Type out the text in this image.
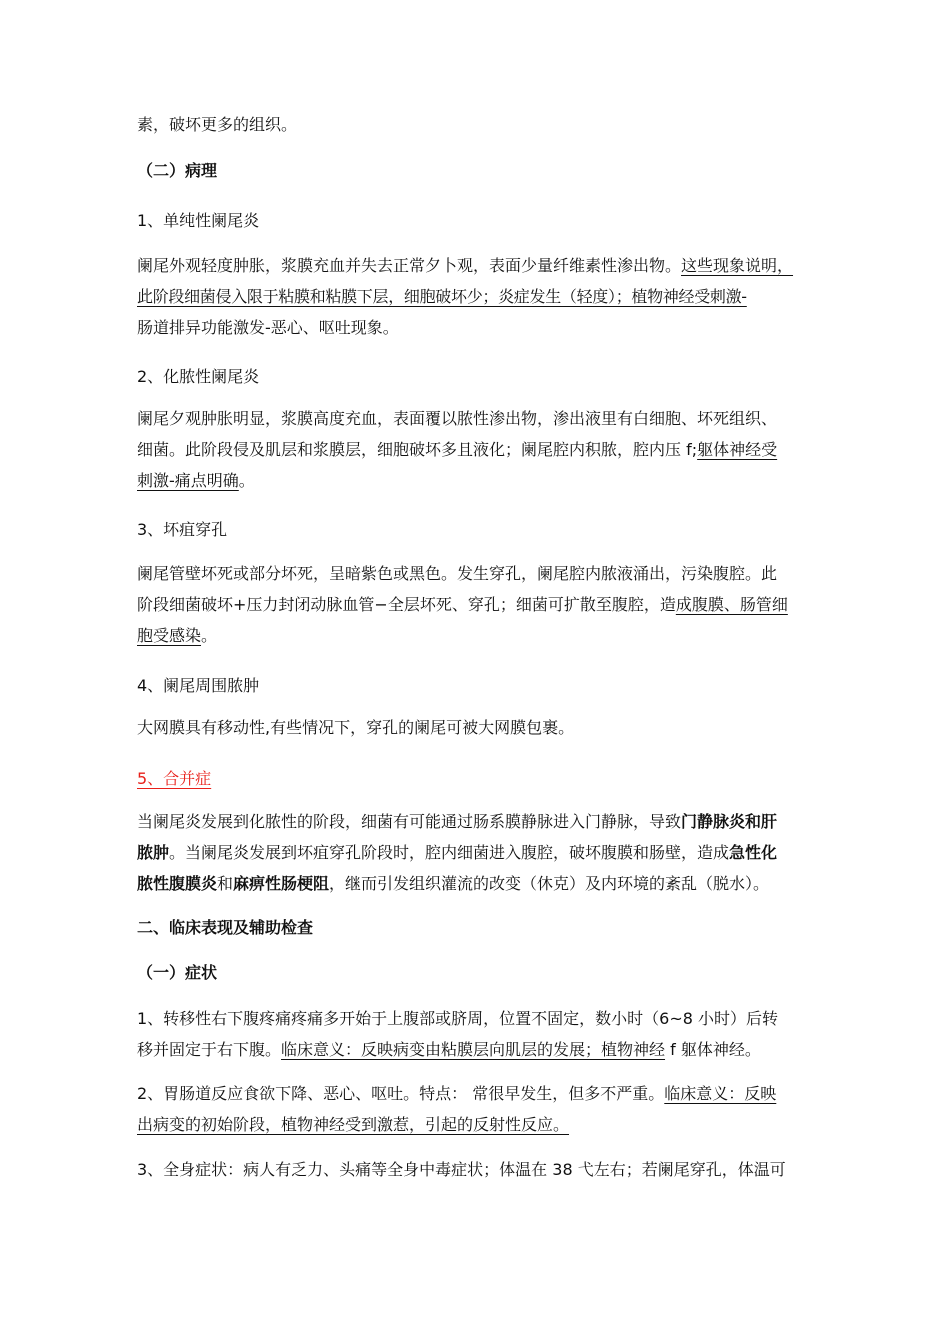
素，破坏更多的组织。

（二）病理

1、单纯性阑尾炎

阑尾外观轻度肿胀，浆膜充血并失去正常夕卜观，表面少量纤维素性渗出物。这些现象说明，
此阶段细菌侵入限于粘膜和粘膜下层，细胞破坏少；炎症发生（轻度）；植物神经受刺激-
肠道排异功能激发-恶心、呕吐现象。

2、化脓性阑尾炎

阑尾夕观肿胀明显，浆膜高度充血，表面覆以脓性渗出物，渗出液里有白细胞、坏死组织、
细菌。此阶段侵及肌层和浆膜层，细胞破坏多且液化；阑尾腔内积脓，腔内压 f;躯体神经受
刺激-痛点明确。

3、坏疽穿孔

阑尾管壁坏死或部分坏死，呈暗紫色或黑色。发生穿孔，阑尾腔内脓液涌出，污染腹腔。此
阶段细菌破坏+压力封闭动脉血管−全层坏死、穿孔；细菌可扩散至腹腔，造成腹膜、肠管细
胞受感染。

4、阑尾周围脓肿

大网膜具有移动性,有些情况下，穿孔的阑尾可被大网膜包裹。

5、合并症

当阑尾炎发展到化脓性的阶段，细菌有可能通过肠系膜静脉进入门静脉，导致门静脉炎和肝
脓肿。当阑尾炎发展到坏疽穿孔阶段时，腔内细菌进入腹腔，破坏腹膜和肠壁，造成急性化
脓性腹膜炎和麻痹性肠梗阻，继而引发组织灌流的改变（休克）及内环境的紊乱（脱水）。

二、临床表现及辅助检查

（一）症状

1、转移性右下腹疼痛疼痛多开始于上腹部或脐周，位置不固定，数小时（6~8 小时）后转
移并固定于右下腹。临床意义：反映病变由粘膜层向肌层的发展；植物神经 f 躯体神经。
2、胃肠道反应食欲下降、恶心、呕吐。特点： 常很早发生，但多不严重。临床意义：反映
出病变的初始阶段，植物神经受到激惹，引起的反射性反应。

3、全身症状：病人有乏力、头痛等全身中毒症状；体温在 38 弋左右；若阑尾穿孔，体温可
